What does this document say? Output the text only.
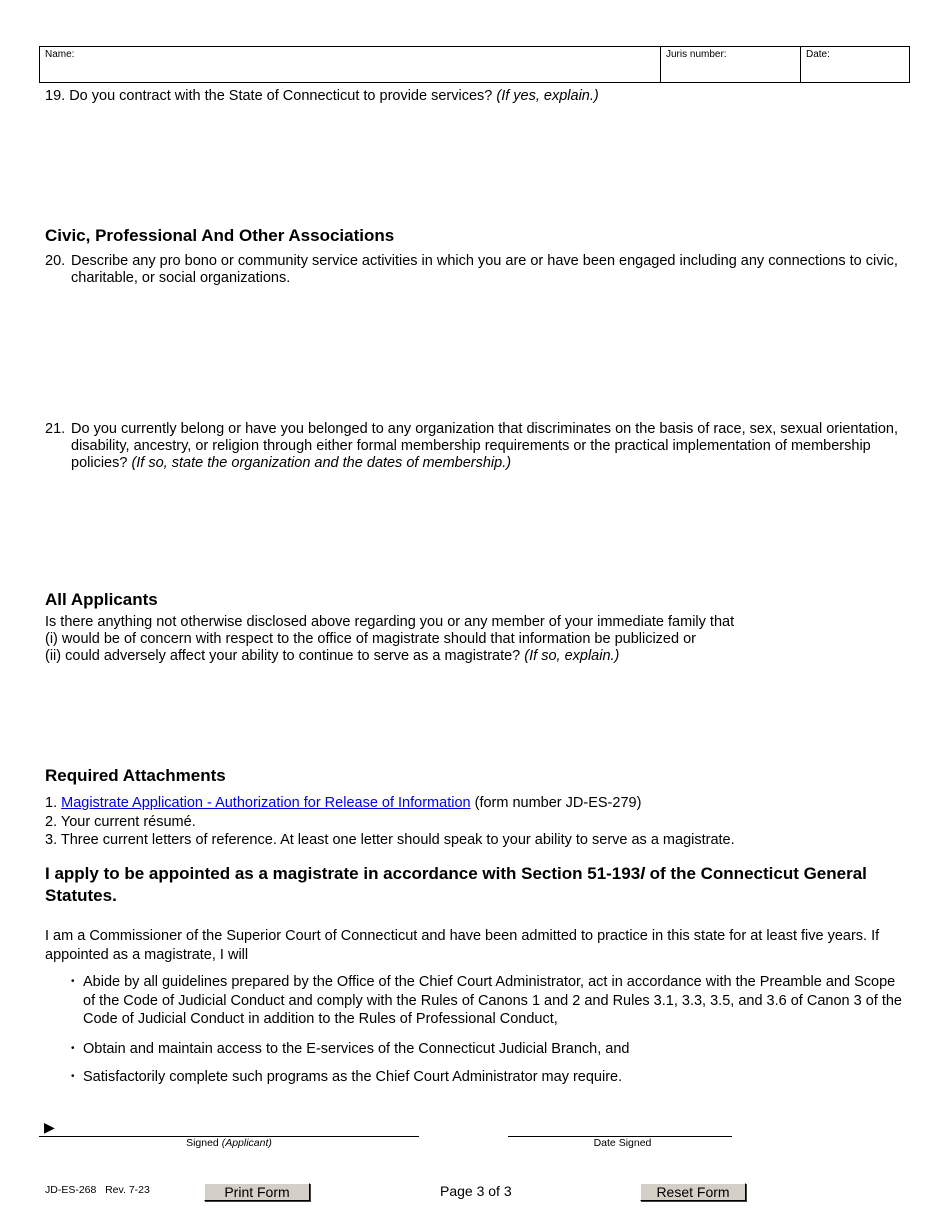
Name:	Juris number:	Date:
19. Do you contract with the State of Connecticut to provide services? (If yes, explain.)
Civic, Professional And Other Associations
20. Describe any pro bono or community service activities in which you are or have been engaged including any connections to civic, charitable, or social organizations.
21. Do you currently belong or have you belonged to any organization that discriminates on the basis of race, sex, sexual orientation, disability, ancestry, or religion through either formal membership requirements or the practical implementation of membership policies? (If so, state the organization and the dates of membership.)
All Applicants
Is there anything not otherwise disclosed above regarding you or any member of your immediate family that
(i) would be of concern with respect to the office of magistrate should that information be publicized or
(ii) could adversely affect your ability to continue to serve as a magistrate? (If so, explain.)
Required Attachments
1. Magistrate Application - Authorization for Release of Information (form number JD-ES-279)
2. Your current résumé.
3. Three current letters of reference. At least one letter should speak to your ability to serve as a magistrate.
I apply to be appointed as a magistrate in accordance with Section 51-193l of the Connecticut General Statutes.
I am a Commissioner of the Superior Court of Connecticut and have been admitted to practice in this state for at least five years. If appointed as a magistrate, I will
• Abide by all guidelines prepared by the Office of the Chief Court Administrator, act in accordance with the Preamble and Scope of the Code of Judicial Conduct and comply with the Rules of Canons 1 and 2 and Rules 3.1, 3.3, 3.5, and 3.6 of Canon 3 of the Code of Judicial Conduct in addition to the Rules of Professional Conduct,
• Obtain and maintain access to the E-services of the Connecticut Judicial Branch, and
• Satisfactorily complete such programs as the Chief Court Administrator may require.
▶
Signed (Applicant)	Date Signed
JD-ES-268   Rev. 7-23	Print Form	Page 3 of 3	Reset Form
